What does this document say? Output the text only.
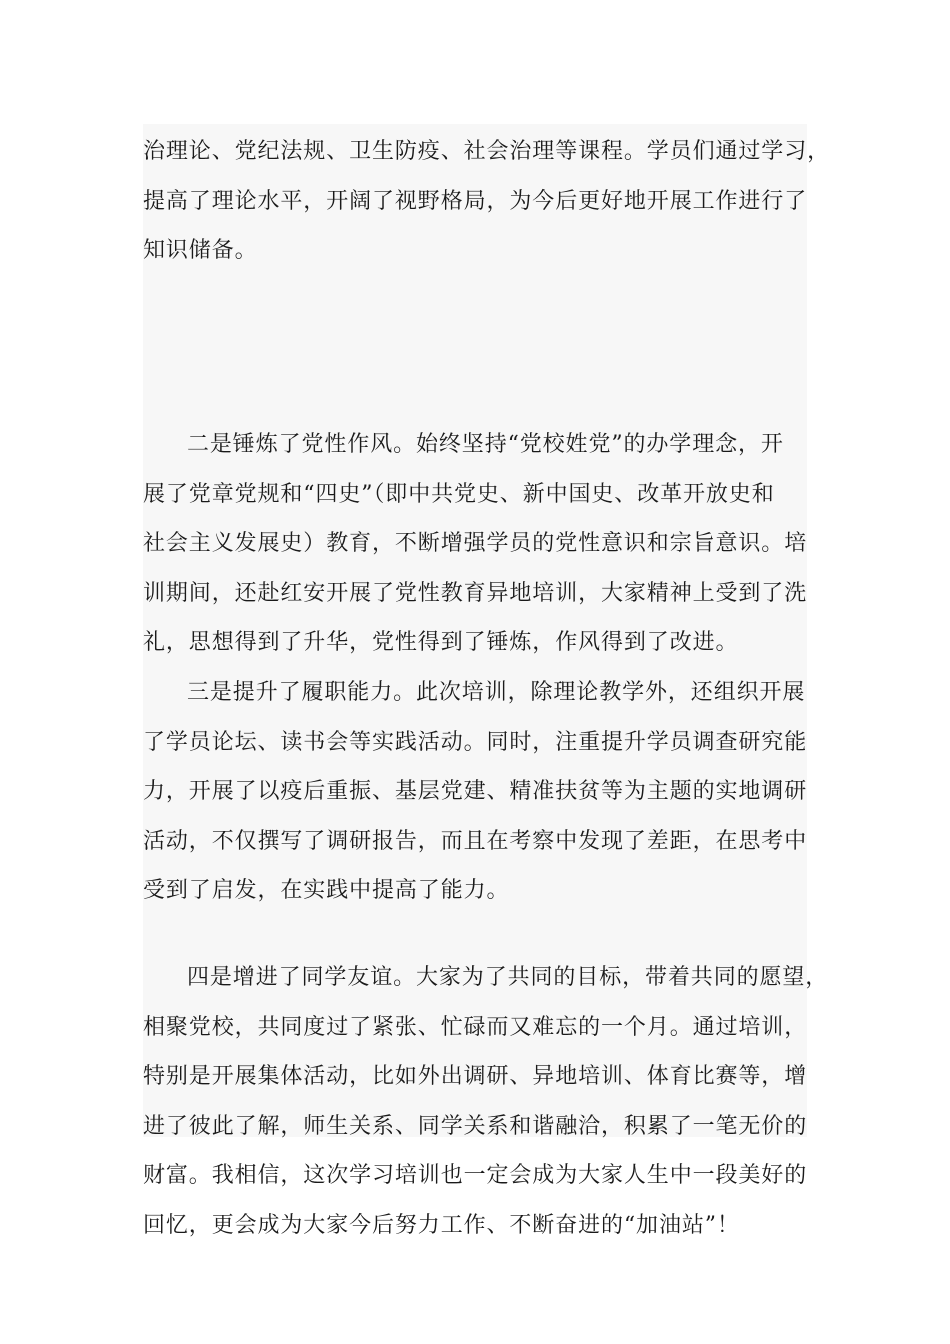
治理论、党纪法规、卫生防疫、社会治理等课程。学员们通过学习，
提高了理论水平，开阔了视野格局，为今后更好地开展工作进行了
知识储备。

二是锤炼了党性作风。始终坚持“党校姓党”的办学理念，开
展了党章党规和“四史”（即中共党史、新中国史、改革开放史和
社会主义发展史）教育，不断增强学员的党性意识和宗旨意识。培
训期间，还赴红安开展了党性教育异地培训，大家精神上受到了洗
礼，思想得到了升华，党性得到了锤炼，作风得到了改进。

三是提升了履职能力。此次培训，除理论教学外，还组织开展
了学员论坛、读书会等实践活动。同时，注重提升学员调查研究能
力，开展了以疫后重振、基层党建、精准扶贫等为主题的实地调研
活动，不仅撰写了调研报告，而且在考察中发现了差距，在思考中
受到了启发，在实践中提高了能力。

四是增进了同学友谊。大家为了共同的目标，带着共同的愿望，
相聚党校，共同度过了紧张、忙碌而又难忘的一个月。通过培训，
特别是开展集体活动，比如外出调研、异地培训、体育比赛等，增
进了彼此了解，师生关系、同学关系和谐融洽，积累了一笔无价的
财富。我相信，这次学习培训也一定会成为大家人生中一段美好的
回忆，更会成为大家今后努力工作、不断奋进的“加油站”！
